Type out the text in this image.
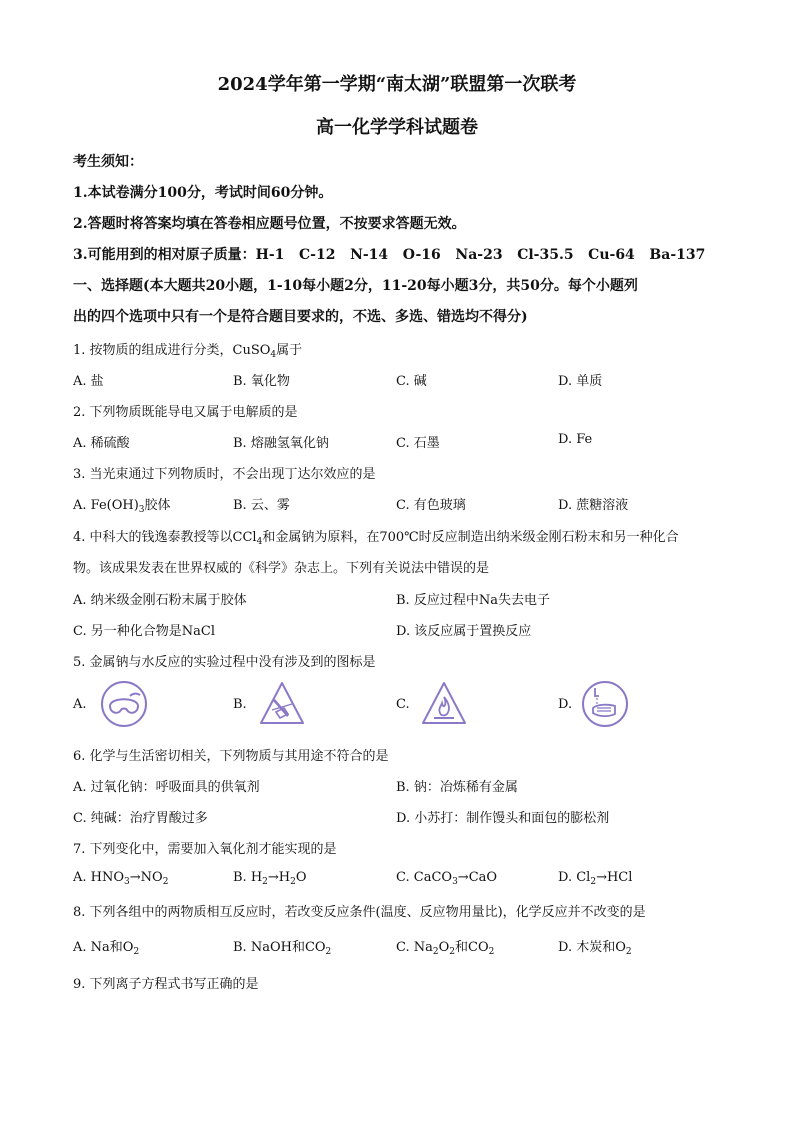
2024学年第一学期“南太湖”联盟第一次联考
高一化学学科试题卷
考生须知：
1.本试卷满分100分，考试时间60分钟。
2.答题时将答案均填在答卷相应题号位置，不按要求答题无效。
3.可能用到的相对原子质量：H-1   C-12   N-14   O-16   Na-23   Cl-35.5   Cu-64   Ba-137
一、选择题(本大题共20小题，1-10每小题2分，11-20每小题3分，共50分。每个小题列
出的四个选项中只有一个是符合题目要求的，不选、多选、错选均不得分)
1. 按物质的组成进行分类，CuSO$_4$属于
A. 盐	B. 氧化物	C. 碱	D. 单质
2. 下列物质既能导电又属于电解质的是
A. 稀硫酸	B. 熔融氢氧化钠	C. 石墨	D. Fe
3. 当光束通过下列物质时，不会出现丁达尔效应的是
A. $Fe(OH)_3$胶体	B. 云、雾	C. 有色玻璃	D. 蔗糖溶液
4. 中科大的钱逸泰教授等以CCl$_4$和金属钠为原料，在700℃时反应制造出纳米级金刚石粉末和另一种化合
物。该成果发表在世界权威的《科学》杂志上。下列有关说法中错误的是
A. 纳米级金刚石粉末属于胶体	B. 反应过程中Na失去电子
C. 另一种化合物是NaCl	D. 该反应属于置换反应
5. 金属钠与水反应的实验过程中没有涉及到的图标是
A.	B.	C.	D.
6. 化学与生活密切相关，下列物质与其用途不符合的是
A. 过氧化钠：呼吸面具的供氧剂	B. 钠：冶炼稀有金属
C. 纯碱：治疗胃酸过多	D. 小苏打：制作馒头和面包的膨松剂
7. 下列变化中，需要加入氧化剂才能实现的是
A. $HNO_3\to NO_2$	B. $H_2\to H_2O$	C. CaCO$_3$→CaO	D. $Cl_2\to HCl$
8. 下列各组中的两物质相互反应时，若改变反应条件(温度、反应物用量比)，化学反应并不改变的是
A. Na和$O_2$	B. NaOH和$CO_2$	C. $Na_2O_2$和$CO_2$	D. 木炭和$O_2$
9. 下列离子方程式书写正确的是
